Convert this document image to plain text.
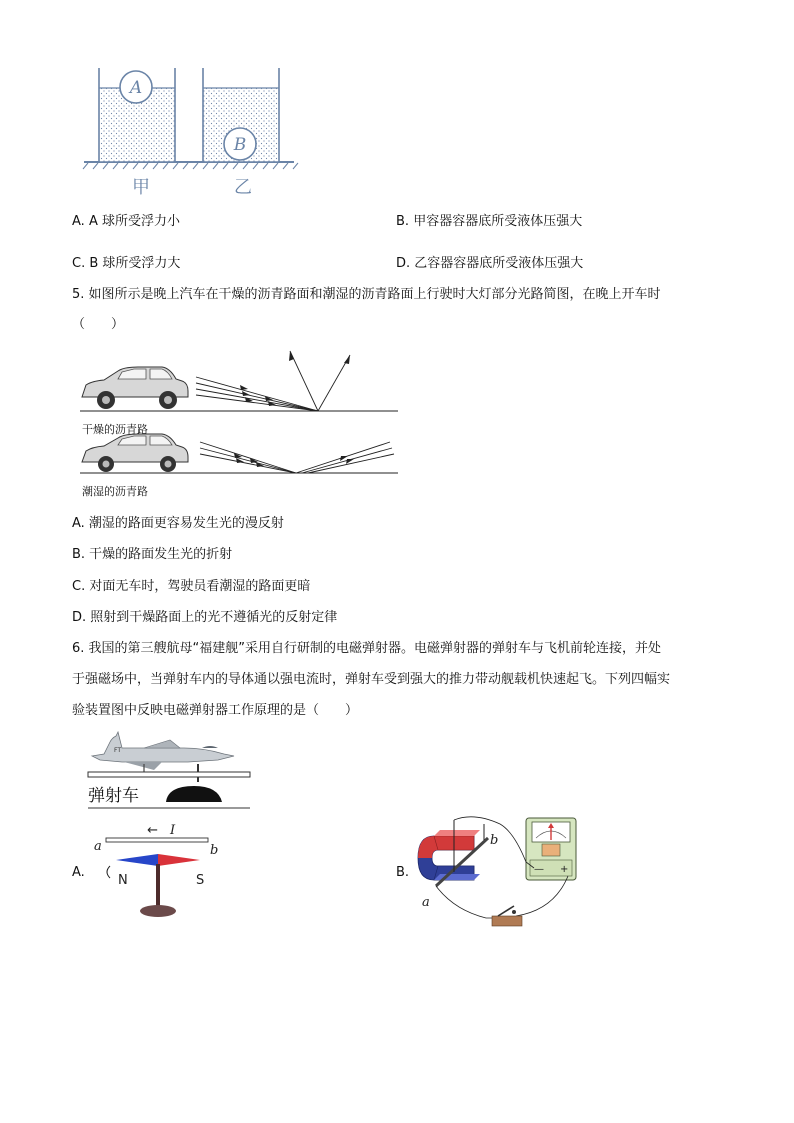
A
B
甲	乙
A. A 球所受浮力小	B. 甲容器容器底所受液体压强大
C. B 球所受浮力大	D. 乙容器容器底所受液体压强大
5. 如图所示是晚上汽车在干燥的沥青路面和潮湿的沥青路面上行驶时大灯部分光路简图，在晚上开车时
（　　）
干燥的沥青路
潮湿的沥青路
A. 潮湿的路面更容易发生光的漫反射
B. 干燥的路面发生光的折射
C. 对面无车时，驾驶员看潮湿的路面更暗
D. 照射到干燥路面上的光不遵循光的反射定律
6. 我国的第三艘航母“福建舰”采用自行研制的电磁弹射器。电磁弹射器的弹射车与飞机前轮连接，并处
于强磁场中，当弹射车内的导体通以强电流时，弹射车受到强大的推力带动舰载机快速起飞。下列四幅实
验装置图中反映电磁弹射器工作原理的是（　　）
FT
弹射车
A.
← I
a	b
N	S
B.
b
a
— +
